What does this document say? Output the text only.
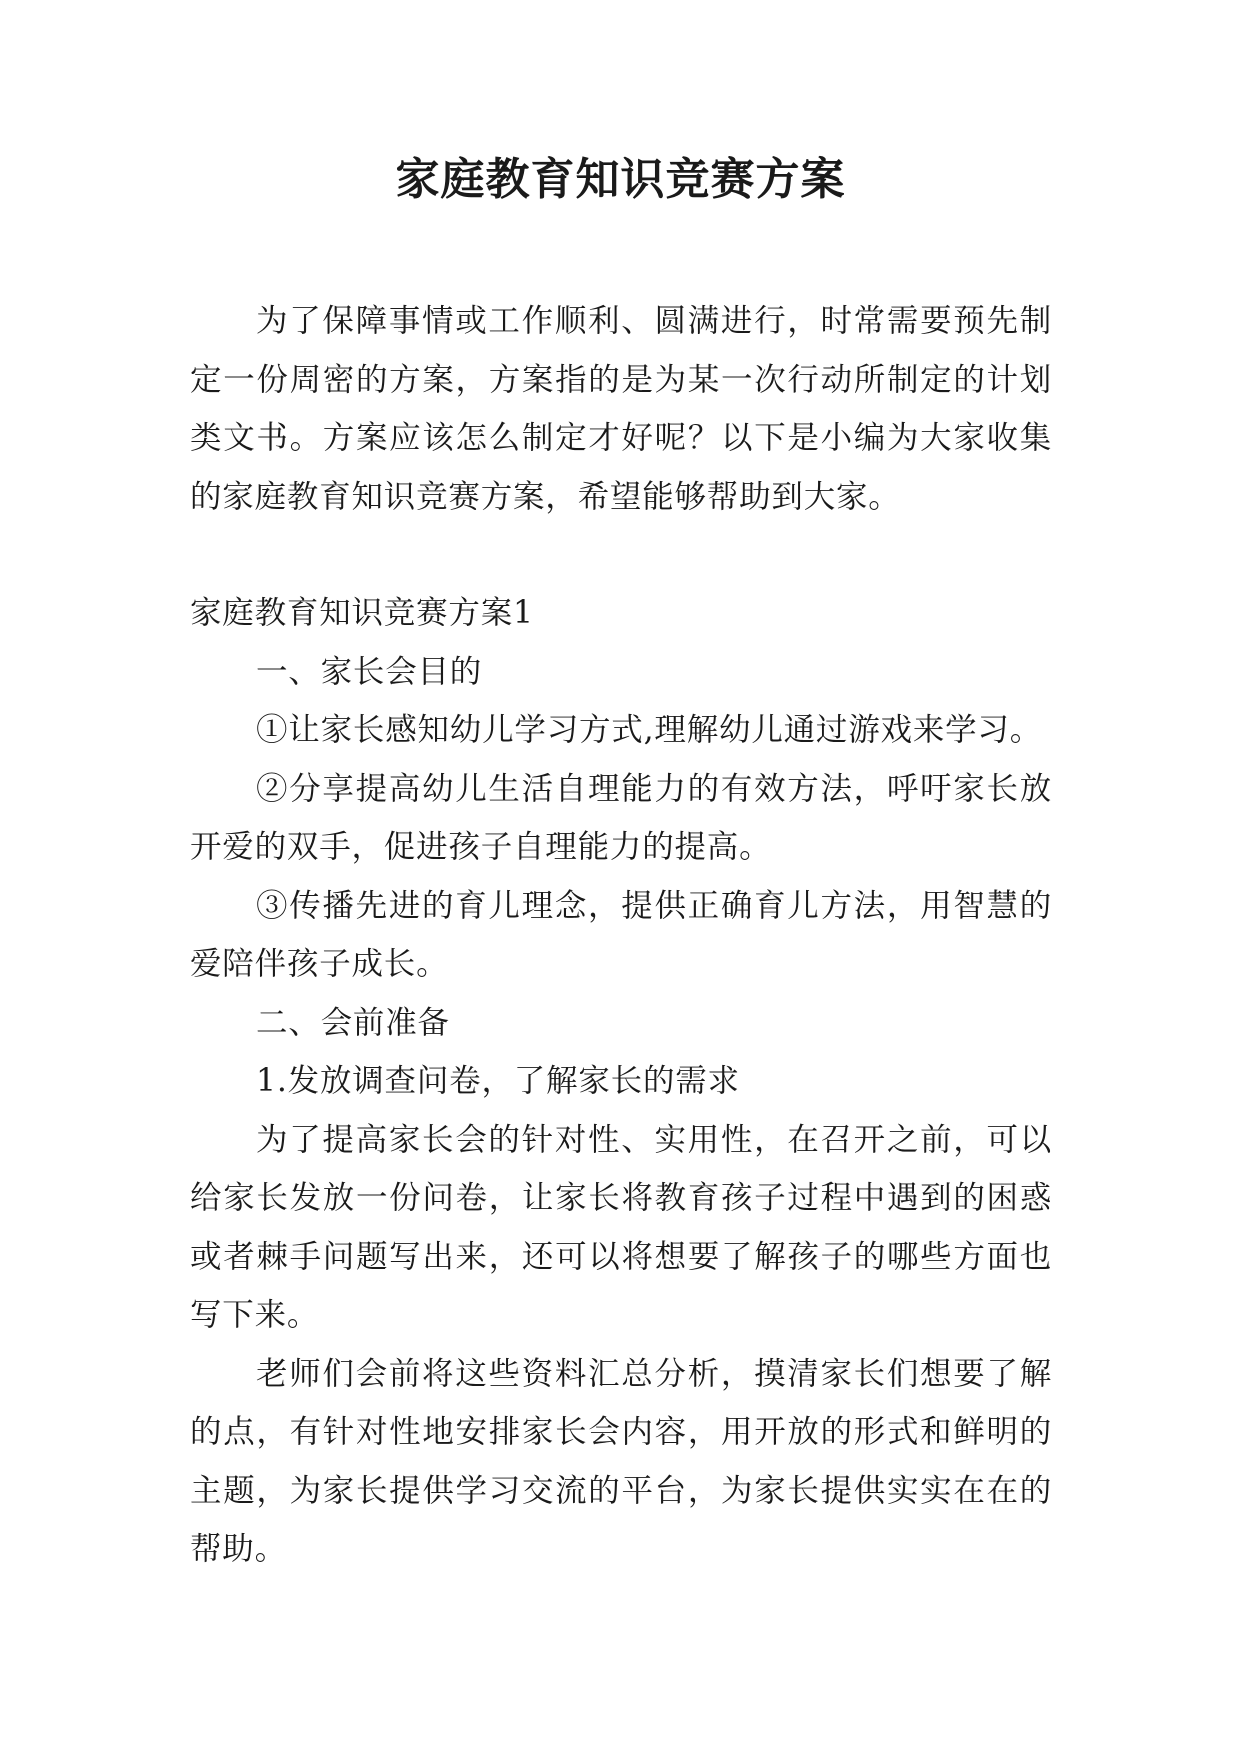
家庭教育知识竞赛方案

为了保障事情或工作顺利、圆满进行，时常需要预先制定一份周密的方案，方案指的是为某一次行动所制定的计划类文书。方案应该怎么制定才好呢？以下是小编为大家收集的家庭教育知识竞赛方案，希望能够帮助到大家。

家庭教育知识竞赛方案1

一、家长会目的

①让家长感知幼儿学习方式,理解幼儿通过游戏来学习。

②分享提高幼儿生活自理能力的有效方法，呼吁家长放开爱的双手，促进孩子自理能力的提高。

③传播先进的育儿理念，提供正确育儿方法，用智慧的爱陪伴孩子成长。

二、会前准备

1.发放调查问卷，了解家长的需求

为了提高家长会的针对性、实用性，在召开之前，可以给家长发放一份问卷，让家长将教育孩子过程中遇到的困惑或者棘手问题写出来，还可以将想要了解孩子的哪些方面也写下来。

老师们会前将这些资料汇总分析，摸清家长们想要了解的点，有针对性地安排家长会内容，用开放的形式和鲜明的主题，为家长提供学习交流的平台，为家长提供实实在在的帮助。
